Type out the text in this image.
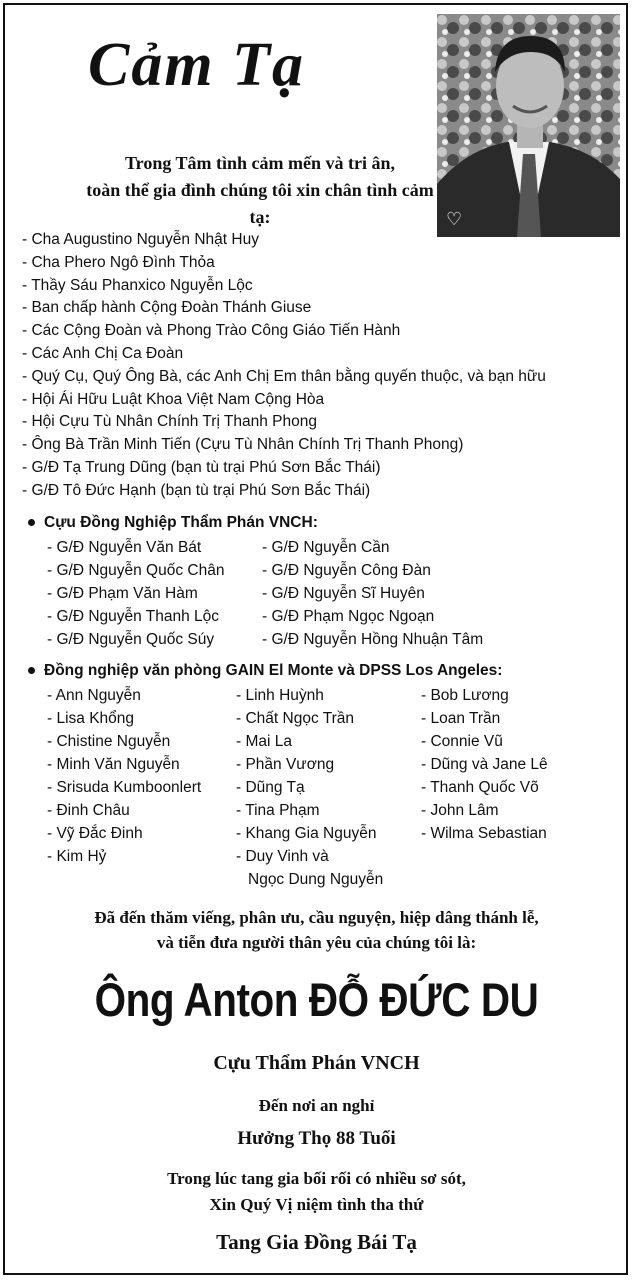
Cảm Tạ
♡
Trong Tâm tình cảm mến và tri ân,
toàn thể gia đình chúng tôi xin chân tình cảm tạ:
- Cha Augustino Nguyễn Nhật Huy
- Cha Phero Ngô Đình Thỏa
- Thầy Sáu Phanxico Nguyễn Lộc
- Ban chấp hành Cộng Đoàn Thánh Giuse
- Các Cộng Đoàn và Phong Trào Công Giáo Tiến Hành
- Các Anh Chị Ca Đoàn
- Quý Cụ, Quý Ông Bà, các Anh Chị Em thân bằng quyến thuộc, và bạn hữu
- Hội Ái Hữu Luật Khoa Việt Nam Cộng Hòa
- Hội Cựu Tù Nhân Chính Trị Thanh Phong
- Ông Bà Trần Minh Tiến (Cựu Tù Nhân Chính Trị Thanh Phong)
- G/Đ Tạ Trung Dũng (bạn tù trại Phú Sơn Bắc Thái)
- G/Đ Tô Đức Hạnh (bạn tù trại Phú Sơn Bắc Thái)
Cựu Đồng Nghiệp Thẩm Phán VNCH:
- G/Đ Nguyễn Văn Bát
- G/Đ Nguyễn Quốc Chân
- G/Đ Phạm Văn Hàm
- G/Đ Nguyễn Thanh Lộc
- G/Đ Nguyễn Quốc Súy
- G/Đ Nguyễn Cần
- G/Đ Nguyễn Công Đàn
- G/Đ Nguyễn Sĩ Huyên
- G/Đ Phạm Ngọc Ngoạn
- G/Đ Nguyễn Hồng Nhuận Tâm
Đồng nghiệp văn phòng GAIN El Monte và DPSS Los Angeles:
- Ann Nguyễn
- Lisa Khổng
- Chistine Nguyễn
- Minh Văn Nguyễn
- Srisuda Kumboonlert
- Đinh Châu
- Vỹ Đắc Đinh
- Kim Hỷ
- Linh Huỳnh
- Chất Ngọc Trần
- Mai La
- Phần Vương
- Dũng Tạ
- Tina Phạm
- Khang Gia Nguyễn
- Duy Vinh và
Ngọc Dung Nguyễn
- Bob Lương
- Loan Trần
- Connie Vũ
- Dũng và Jane Lê
- Thanh Quốc Võ
- John Lâm
- Wilma Sebastian
Đã đến thăm viếng, phân ưu, cầu nguyện, hiệp dâng thánh lễ,
và tiễn đưa người thân yêu của chúng tôi là:
Ông Anton ĐỖ ĐỨC DU
Cựu Thẩm Phán VNCH
Đến nơi an nghỉ
Hưởng Thọ 88 Tuổi
Trong lúc tang gia bối rối có nhiều sơ sót,
Xin Quý Vị niệm tình tha thứ
Tang Gia Đồng Bái Tạ
